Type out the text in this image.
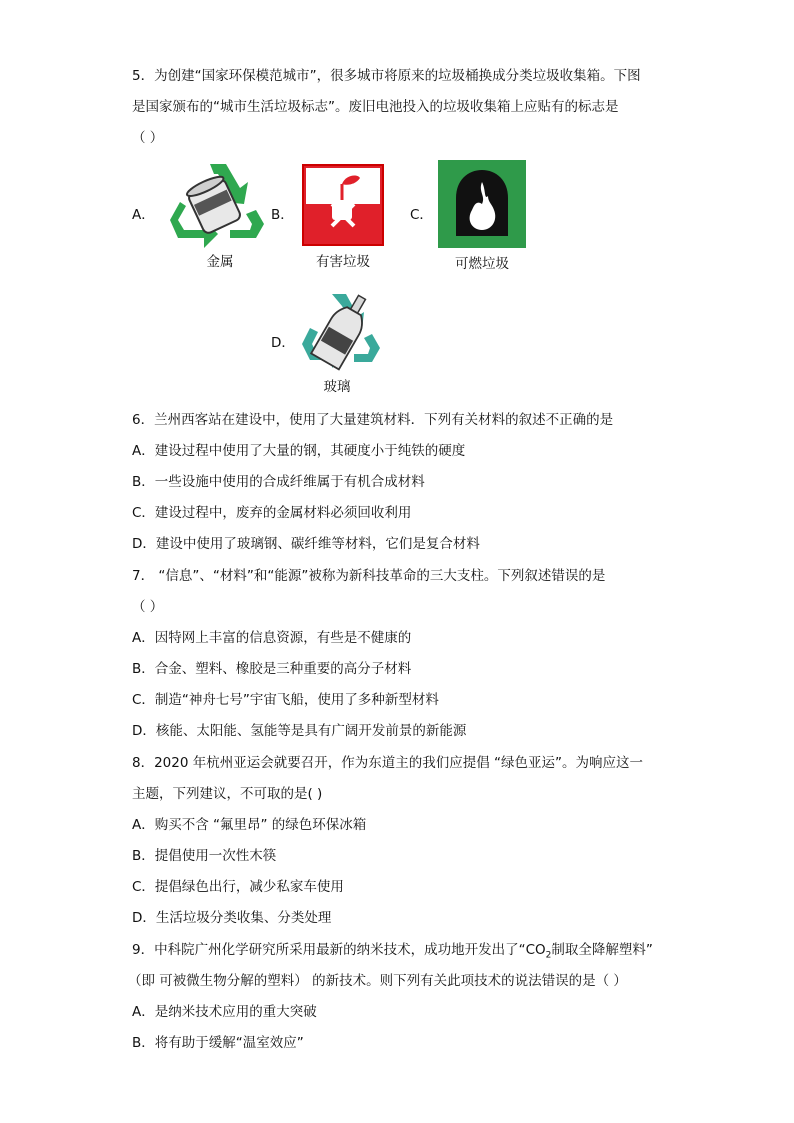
5．为创建“国家环保模范城市”，很多城市将原来的垃圾桶换成分类垃圾收集箱。下图
是国家颁布的“城市生活垃圾标志”。废旧电池投入的垃圾收集箱上应贴有的标志是
（ ）
A．
金属
B．
有害垃圾
C．
可燃垃圾
D．
玻璃
6．兰州西客站在建设中，使用了大量建筑材料．下列有关材料的叙述不正确的是
A．建设过程中使用了大量的钢，其硬度小于纯铁的硬度
B．一些设施中使用的合成纤维属于有机合成材料
C．建设过程中，废弃的金属材料必须回收利用
D．建设中使用了玻璃钢、碳纤维等材料，它们是复合材料
7． “信息”、“材料”和“能源”被称为新科技革命的三大支柱。下列叙述错误的是
（ ）
A．因特网上丰富的信息资源，有些是不健康的
B．合金、塑料、橡胶是三种重要的高分子材料
C．制造“神舟七号”宇宙飞船，使用了多种新型材料
D．核能、太阳能、氢能等是具有广阔开发前景的新能源
8．2020 年杭州亚运会就要召开，作为东道主的我们应提倡 “绿色亚运”。为响应这一
主题，下列建议，不可取的是( )
A．购买不含 “氟里昂” 的绿色环保冰箱
B．提倡使用一次性木筷
C．提倡绿色出行，减少私家车使用
D．生活垃圾分类收集、分类处理
9．中科院广州化学研究所采用最新的纳米技术，成功地开发出了“$CO_2$制取全降解塑料”
（即 可被微生物分解的塑料） 的新技术。则下列有关此项技术的说法错误的是（ ）
A．是纳米技术应用的重大突破
B．将有助于缓解“温室效应”
